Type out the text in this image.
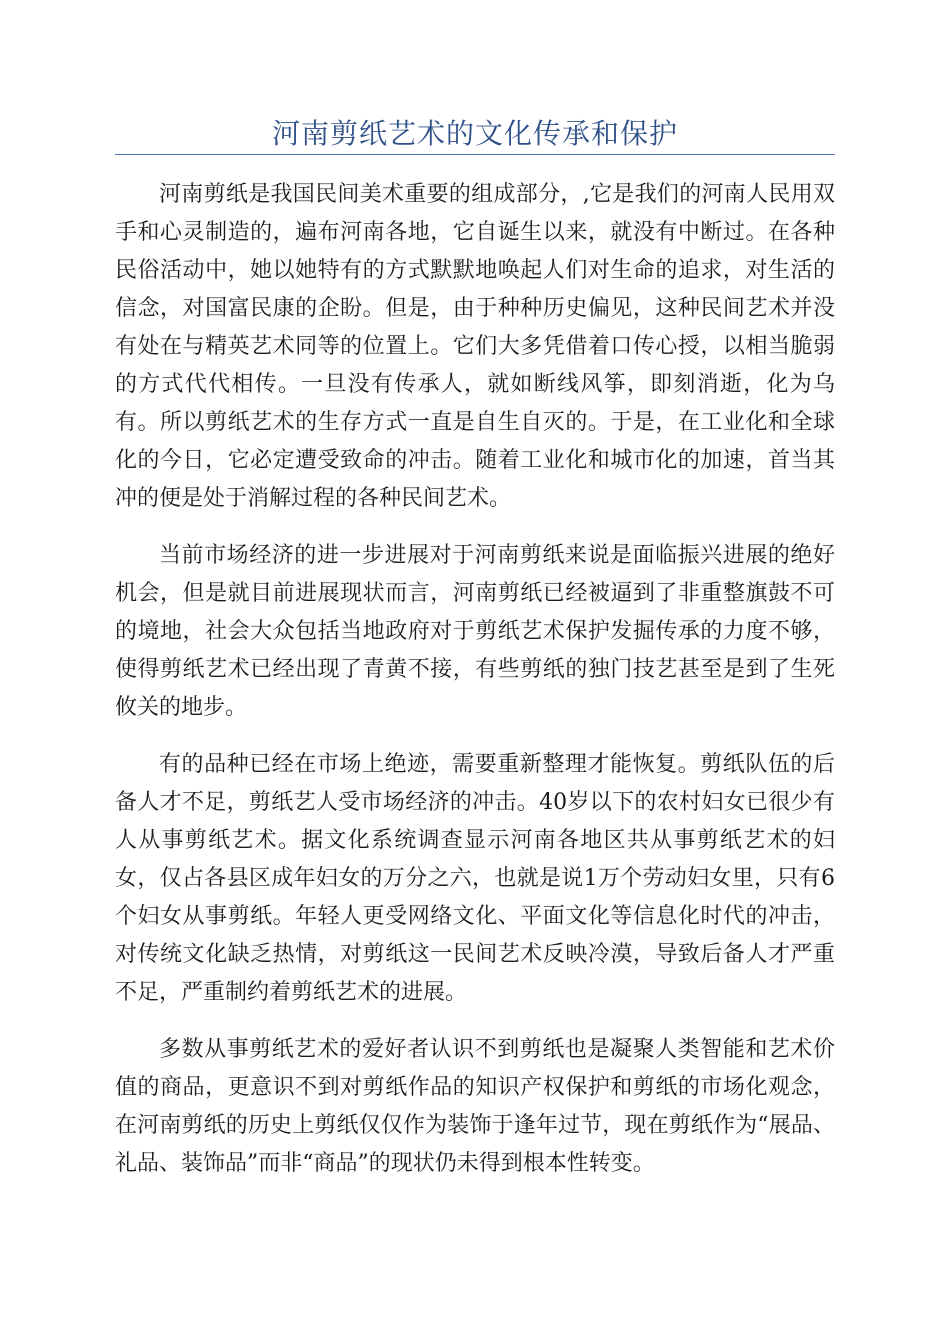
河南剪纸艺术的文化传承和保护

河南剪纸是我国民间美术重要的组成部分，,它是我们的河南人民用双手和心灵制造的，遍布河南各地，它自诞生以来，就没有中断过。在各种民俗活动中，她以她特有的方式默默地唤起人们对生命的追求，对生活的信念，对国富民康的企盼。但是，由于种种历史偏见，这种民间艺术并没有处在与精英艺术同等的位置上。它们大多凭借着口传心授，以相当脆弱的方式代代相传。一旦没有传承人，就如断线风筝，即刻消逝，化为乌有。所以剪纸艺术的生存方式一直是自生自灭的。于是，在工业化和全球化的今日，它必定遭受致命的冲击。随着工业化和城市化的加速，首当其冲的便是处于消解过程的各种民间艺术。

当前市场经济的进一步进展对于河南剪纸来说是面临振兴进展的绝好机会，但是就目前进展现状而言，河南剪纸已经被逼到了非重整旗鼓不可的境地，社会大众包括当地政府对于剪纸艺术保护发掘传承的力度不够，使得剪纸艺术已经出现了青黄不接，有些剪纸的独门技艺甚至是到了生死攸关的地步。

有的品种已经在市场上绝迹，需要重新整理才能恢复。剪纸队伍的后备人才不足，剪纸艺人受市场经济的冲击。40岁以下的农村妇女已很少有人从事剪纸艺术。据文化系统调查显示河南各地区共从事剪纸艺术的妇女，仅占各县区成年妇女的万分之六，也就是说1万个劳动妇女里，只有6个妇女从事剪纸。年轻人更受网络文化、平面文化等信息化时代的冲击，对传统文化缺乏热情，对剪纸这一民间艺术反映冷漠，导致后备人才严重不足，严重制约着剪纸艺术的进展。

多数从事剪纸艺术的爱好者认识不到剪纸也是凝聚人类智能和艺术价值的商品，更意识不到对剪纸作品的知识产权保护和剪纸的市场化观念，在河南剪纸的历史上剪纸仅仅作为装饰于逢年过节，现在剪纸作为“展品、礼品、装饰品”而非“商品”的现状仍未得到根本性转变。
